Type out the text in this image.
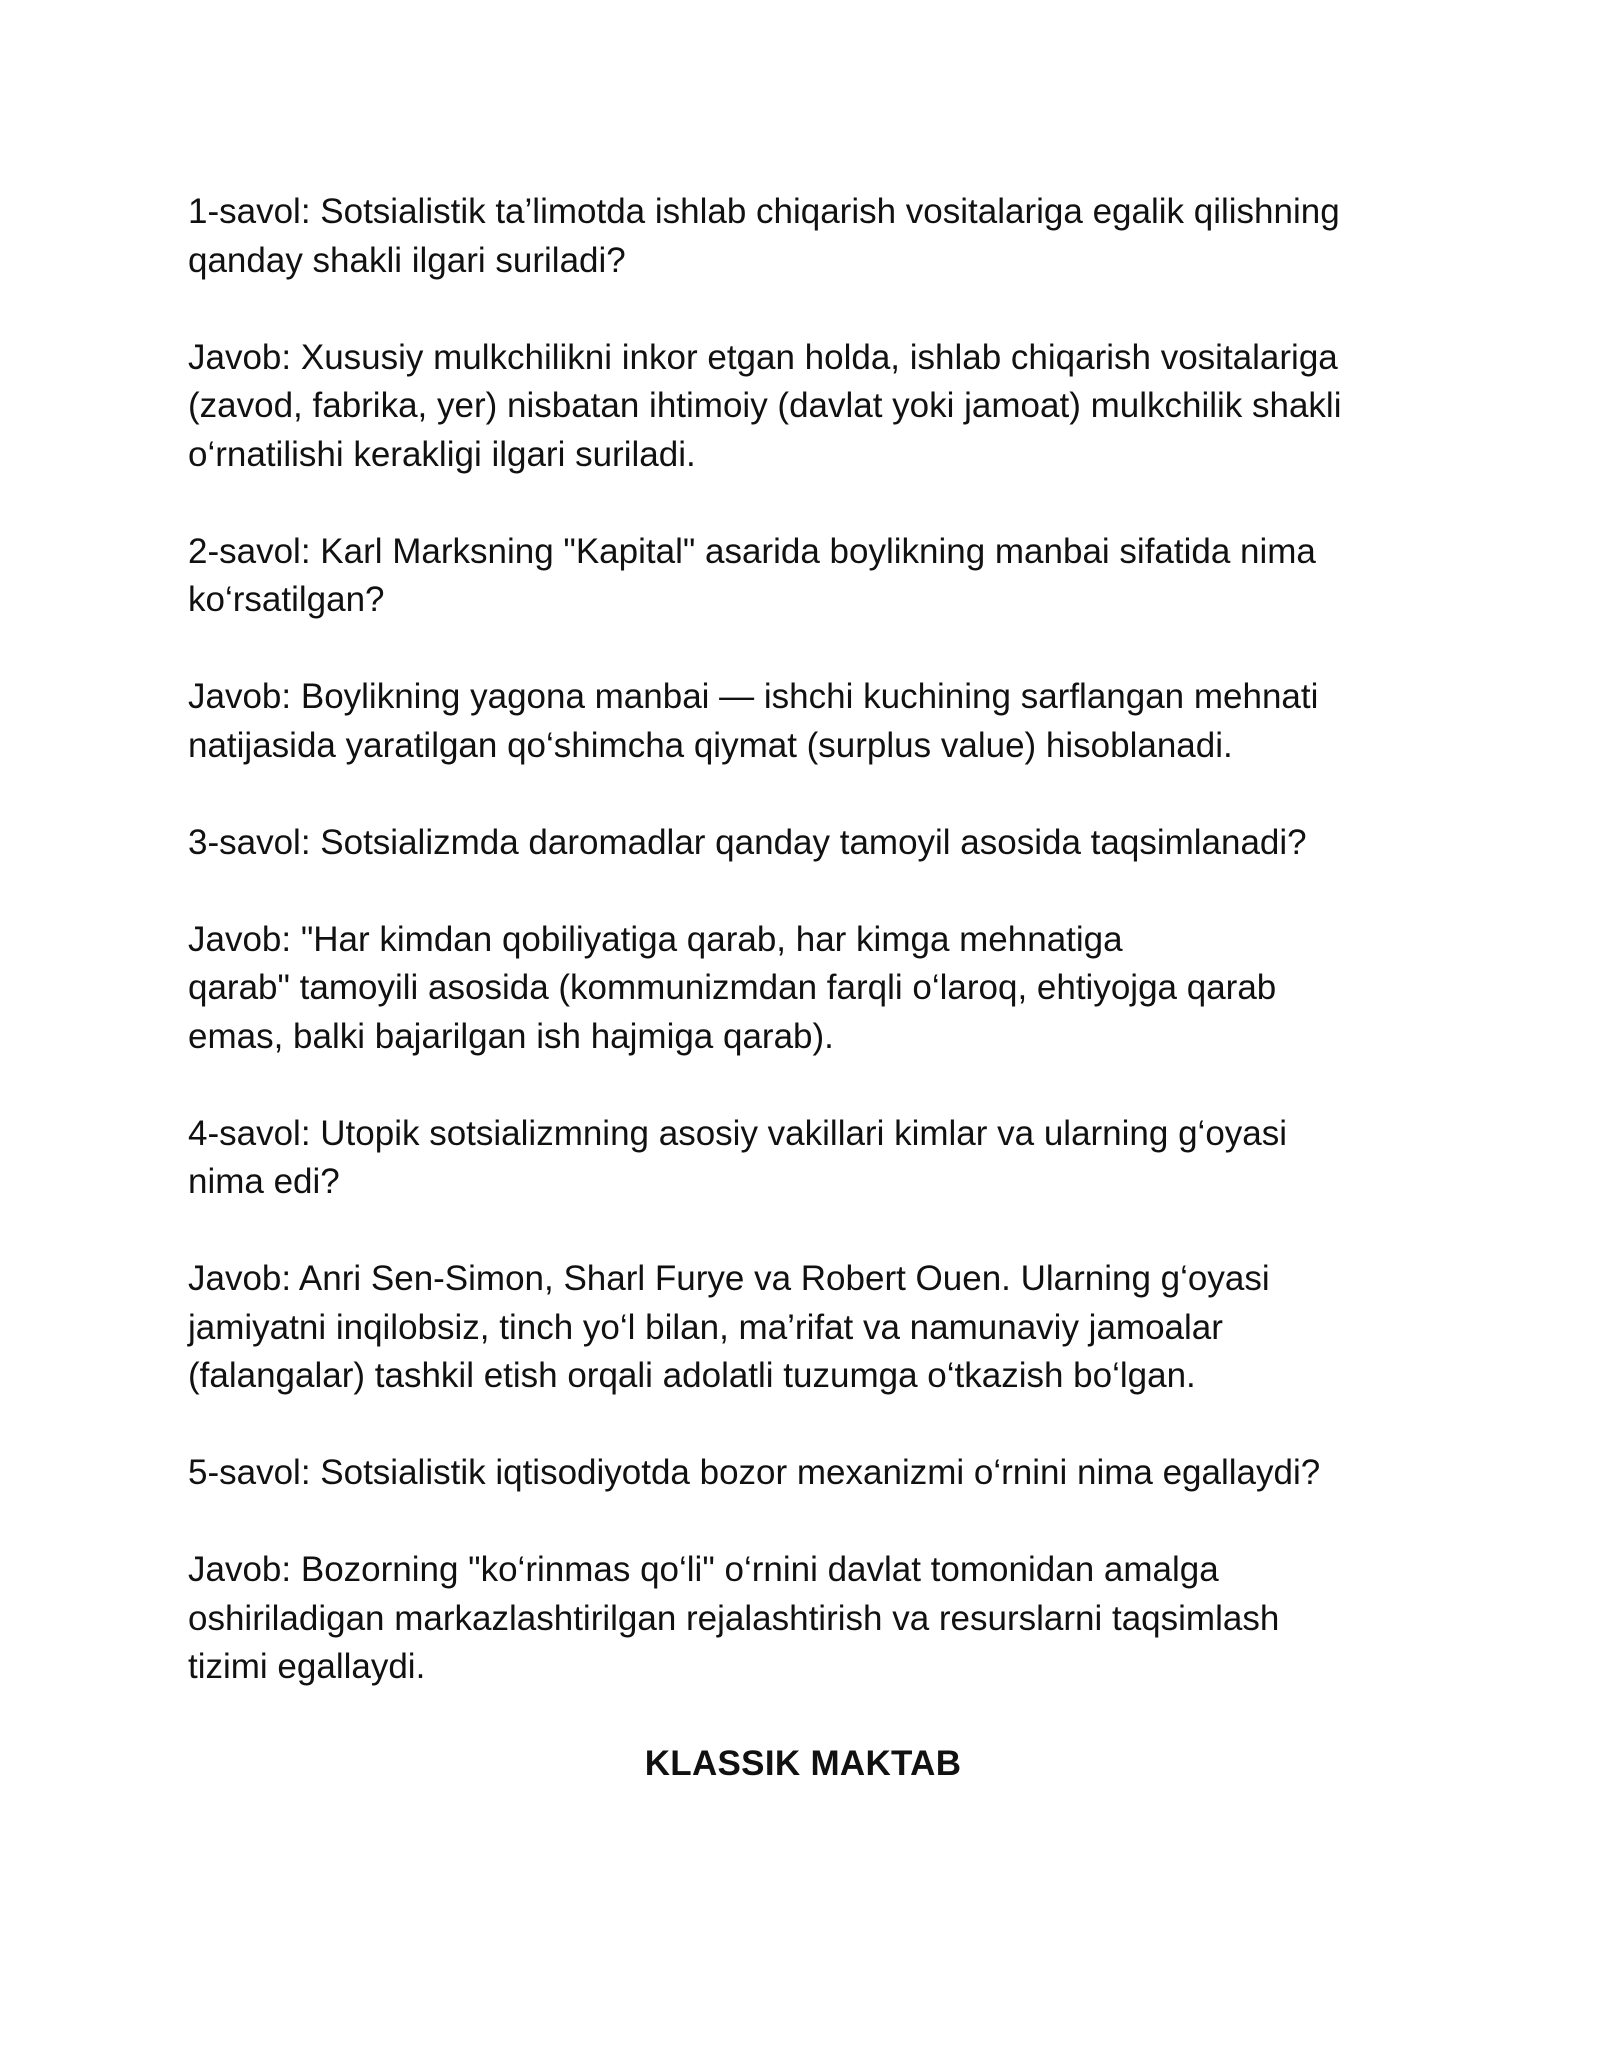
1-savol: Sotsialistik ta’limotda ishlab chiqarish vositalariga egalik qilishning
qanday shakli ilgari suriladi?

Javob: Xususiy mulkchilikni inkor etgan holda, ishlab chiqarish vositalariga
(zavod, fabrika, yer) nisbatan ihtimoiy (davlat yoki jamoat) mulkchilik shakli
o‘rnatilishi kerakligi ilgari suriladi.

2-savol: Karl Marksning "Kapital" asarida boylikning manbai sifatida nima
ko‘rsatilgan?

Javob: Boylikning yagona manbai — ishchi kuchining sarflangan mehnati
natijasida yaratilgan qo‘shimcha qiymat (surplus value) hisoblanadi.

3-savol: Sotsializmda daromadlar qanday tamoyil asosida taqsimlanadi?

Javob: "Har kimdan qobiliyatiga qarab, har kimga mehnatiga
qarab" tamoyili asosida (kommunizmdan farqli o‘laroq, ehtiyojga qarab
emas, balki bajarilgan ish hajmiga qarab).

4-savol: Utopik sotsializmning asosiy vakillari kimlar va ularning g‘oyasi
nima edi?

Javob: Anri Sen-Simon, Sharl Furye va Robert Ouen. Ularning g‘oyasi
jamiyatni inqilobsiz, tinch yo‘l bilan, ma’rifat va namunaviy jamoalar
(falangalar) tashkil etish orqali adolatli tuzumga o‘tkazish bo‘lgan.

5-savol: Sotsialistik iqtisodiyotda bozor mexanizmi o‘rnini nima egallaydi?

Javob: Bozorning "ko‘rinmas qo‘li" o‘rnini davlat tomonidan amalga
oshiriladigan markazlashtirilgan rejalashtirish va resurslarni taqsimlash
tizimi egallaydi.

KLASSIK MAKTAB
